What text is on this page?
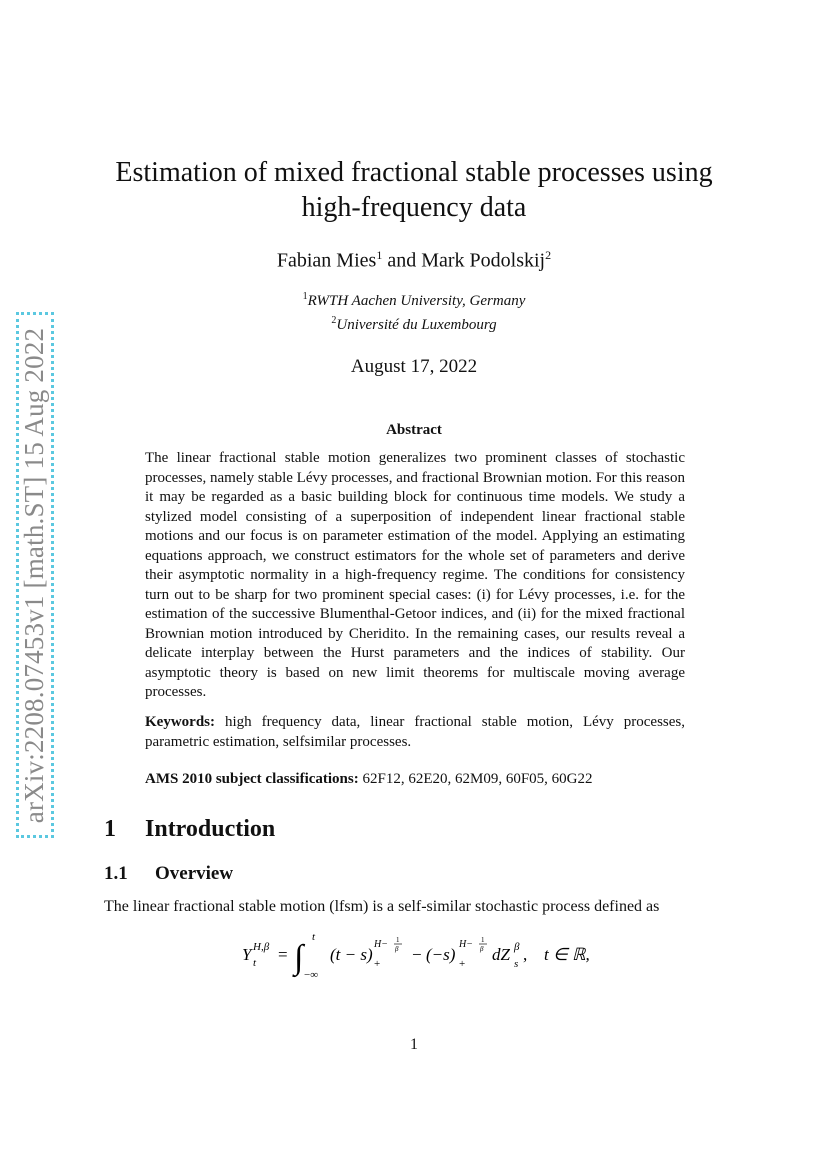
arXiv:2208.07453v1 [math.ST] 15 Aug 2022
Estimation of mixed fractional stable processes using
high-frequency data
Fabian Mies$^1$ and Mark Podolskij$^2$
$^1$RWTH Aachen University, Germany
$^2$Université du Luxembourg
August 17, 2022
Abstract

The linear fractional stable motion generalizes two prominent classes of stochastic processes, namely stable Lévy processes, and fractional Brownian motion. For this reason it may be regarded as a basic building block for continuous time models. We study a stylized model consisting of a superposition of independent linear fractional stable motions and our focus is on parameter estimation of the model. Applying an estimating equations approach, we construct estimators for the whole set of parameters and derive their asymptotic normality in a high-frequency regime. The conditions for consistency turn out to be sharp for two prominent special cases: (i) for Lévy processes, i.e. for the estimation of the successive Blumenthal-Getoor indices, and (ii) for the mixed fractional Brownian motion introduced by Cheridito. In the remaining cases, our results reveal a delicate interplay between the Hurst parameters and the indices of stability. Our asymptotic theory is based on new limit theorems for multiscale moving average processes.

Keywords: high frequency data, linear fractional stable motion, Lévy processes, parametric estimation, selfsimilar processes.
AMS 2010 subject classifications: 62F12, 62E20, 62M09, 60F05, 60G22
1 Introduction
1.1 Overview
The linear fractional stable motion (lfsm) is a self-similar stochastic process defined as
Y t
H,β = ∫
t
−∞
(t − s) +
H− 1
β − (−s) +
H− 1
β dZ s
β , t ∈ ℝ,
1
